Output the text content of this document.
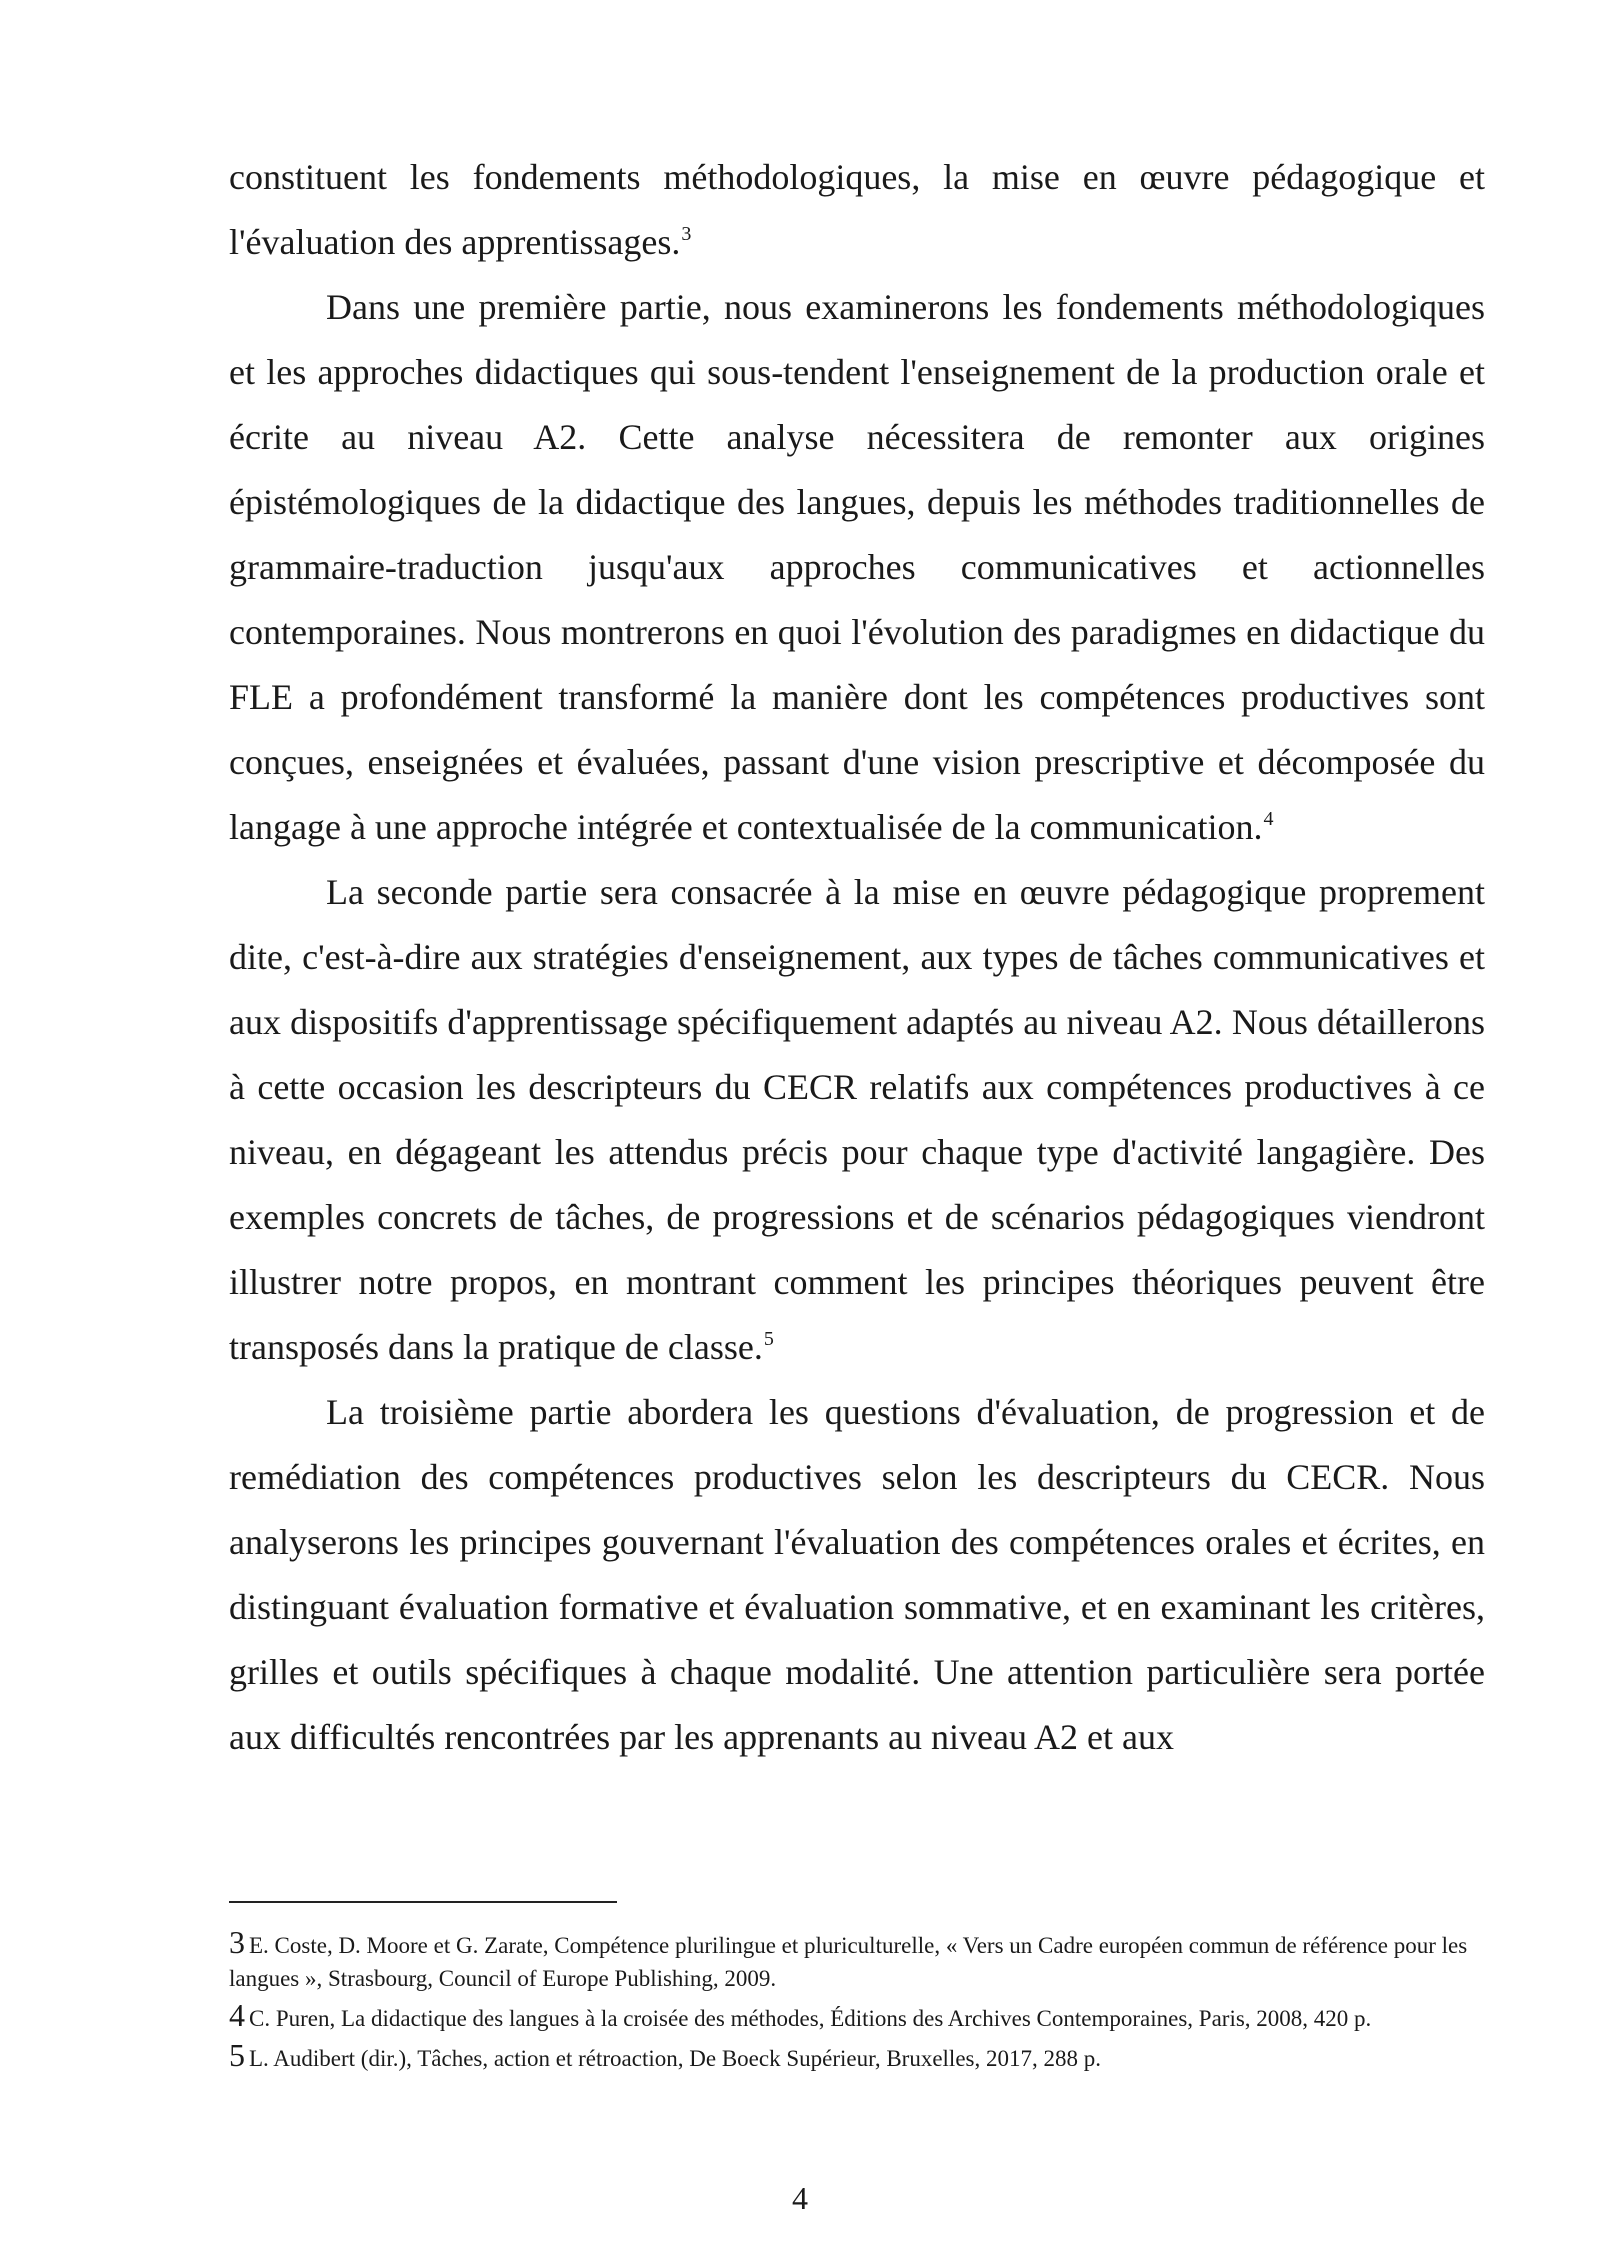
constituent les fondements méthodologiques, la mise en œuvre pédagogique et l'évaluation des apprentissages.$^3$

Dans une première partie, nous examinerons les fondements méthodologiques et les approches didactiques qui sous-tendent l'enseignement de la production orale et écrite au niveau A2. Cette analyse nécessitera de remonter aux origines épistémologiques de la didactique des langues, depuis les méthodes traditionnelles de grammaire-traduction jusqu'aux approches communicatives et actionnelles contemporaines. Nous montrerons en quoi l'évolution des paradigmes en didactique du FLE a profondément transformé la manière dont les compétences productives sont conçues, enseignées et évaluées, passant d'une vision prescriptive et décomposée du langage à une approche intégrée et contextualisée de la communication.$^4$

La seconde partie sera consacrée à la mise en œuvre pédagogique proprement dite, c'est-à-dire aux stratégies d'enseignement, aux types de tâches communicatives et aux dispositifs d'apprentissage spécifiquement adaptés au niveau A2. Nous détaillerons à cette occasion les descripteurs du CECR relatifs aux compétences productives à ce niveau, en dégageant les attendus précis pour chaque type d'activité langagière. Des exemples concrets de tâches, de progressions et de scénarios pédagogiques viendront illustrer notre propos, en montrant comment les principes théoriques peuvent être transposés dans la pratique de classe.$^5$

La troisième partie abordera les questions d'évaluation, de progression et de remédiation des compétences productives selon les descripteurs du CECR. Nous analyserons les principes gouvernant l'évaluation des compétences orales et écrites, en distinguant évaluation formative et évaluation sommative, et en examinant les critères, grilles et outils spécifiques à chaque modalité. Une attention particulière sera portée aux difficultés rencontrées par les apprenants au niveau A2 et aux

3 E. Coste, D. Moore et G. Zarate, Compétence plurilingue et pluriculturelle, « Vers un Cadre européen commun de référence pour les langues », Strasbourg, Council of Europe Publishing, 2009.

4 C. Puren, La didactique des langues à la croisée des méthodes, Éditions des Archives Contemporaines, Paris, 2008, 420 p.

5 L. Audibert (dir.), Tâches, action et rétroaction, De Boeck Supérieur, Bruxelles, 2017, 288 p.

4
